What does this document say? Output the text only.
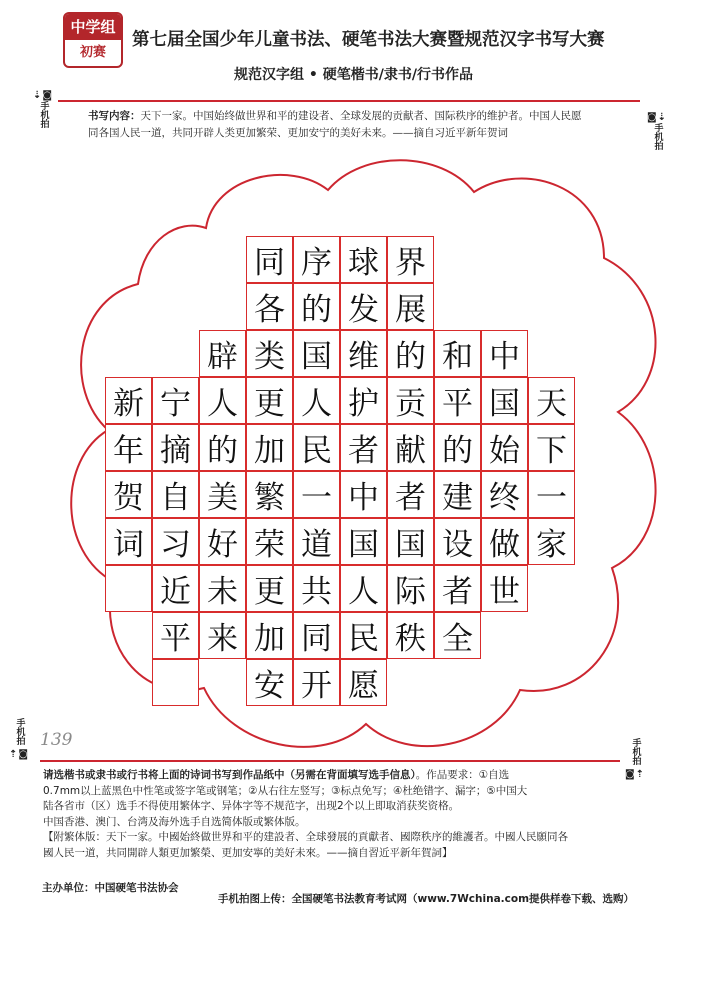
中学组
初赛
第七届全国少年儿童书法、硬笔书法大赛暨规范汉字书写大赛
规范汉字组 • 硬笔楷书/隶书/行书作品
⇣◙
手机拍	◙⇣
手机拍
手机拍
⇡◙	手机拍
◙⇡
书写内容：天下一家。中国始终做世界和平的建设者、全球发展的贡献者、国际秩序的维护者。中国人民愿
同各国人民一道，共同开辟人类更加繁荣、更加安宁的美好未来。——摘自习近平新年贺词
天
下
一
家
中
国
始
终
做
世
和
平
的
建
设
者
全
界
展
的
贡
献
者
国
际
秩
球
发
维
护
者
中
国
人
民
愿
序
的
国
人
民
一
道
共
同
开
同
各
类
更
加
繁
荣
更
加
安
辟
人
的
美
好
未
来
宁
摘
自
习
近
平
新
年
贺
词
139

请选楷书或隶书或行书将上面的诗词书写到作品纸中（另需在背面填写选手信息）。作品要求：①自选

0.7mm以上蓝黑色中性笔或签字笔或钢笔；②从右往左竖写；③标点免写；④杜绝错字、漏字；⑤中国大

陆各省市（区）选手不得使用繁体字、异体字等不规范字，出现2个以上即取消获奖资格。

中国香港、澳门、台湾及海外选手自选简体版或繁体版。

【附繁体版：天下一家。中國始終做世界和平的建設者、全球發展的貢獻者、國際秩序的維護者。中國人民願同各

國人民一道，共同開辟人類更加繁榮、更加安寧的美好未來。——摘自習近平新年賀詞】

主办单位：中国硬笔书法协会
手机拍图上传：全国硬笔书法教育考试网（www.7Wchina.com提供样卷下载、选购）
